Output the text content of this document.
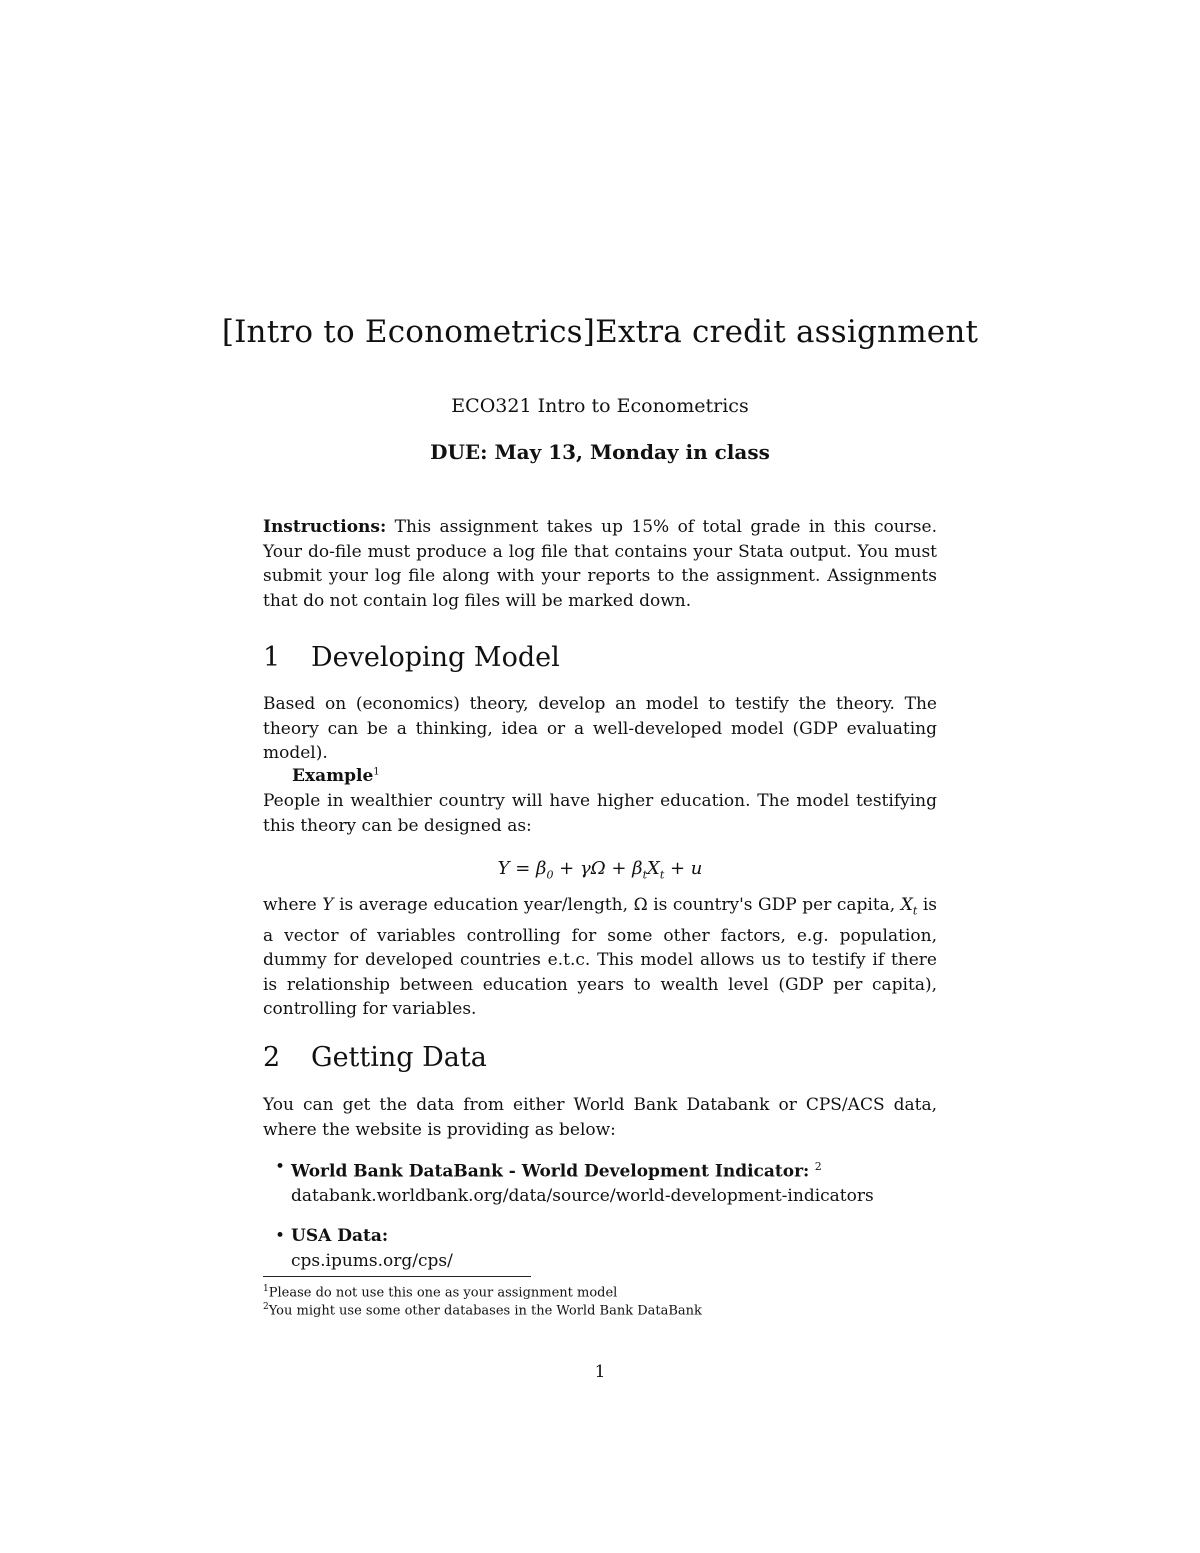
[Intro to Econometrics]Extra credit assignment
ECO321 Intro to Econometrics
DUE: May 13, Monday in class
Instructions: This assignment takes up 15% of total grade in this course. Your do-file must produce a log file that contains your Stata output. You must submit your log file along with your reports to the assignment. Assignments that do not contain log files will be marked down.
1 Developing Model
Based on (economics) theory, develop an model to testify the theory. The theory can be a thinking, idea or a well-developed model (GDP evaluating model).
Example$^1$
People in wealthier country will have higher education. The model testifying this theory can be designed as:
$Y = \beta_0 + \gamma\Omega + \beta_tX_t + u$
where Y is average education year/length, Ω is country's GDP per capita, $X_t$ is a vector of variables controlling for some other factors, e.g. population, dummy for developed countries e.t.c. This model allows us to testify if there is relationship between education years to wealth level (GDP per capita), controlling for variables.
2 Getting Data
You can get the data from either World Bank Databank or CPS/ACS data, where the website is providing as below:
• World Bank DataBank - World Development Indicator: $^2$
databank.worldbank.org/data/source/world-development-indicators
• USA Data:
cps.ipums.org/cps/
$^1$Please do not use this one as your assignment model
$^2$You might use some other databases in the World Bank DataBank
1
